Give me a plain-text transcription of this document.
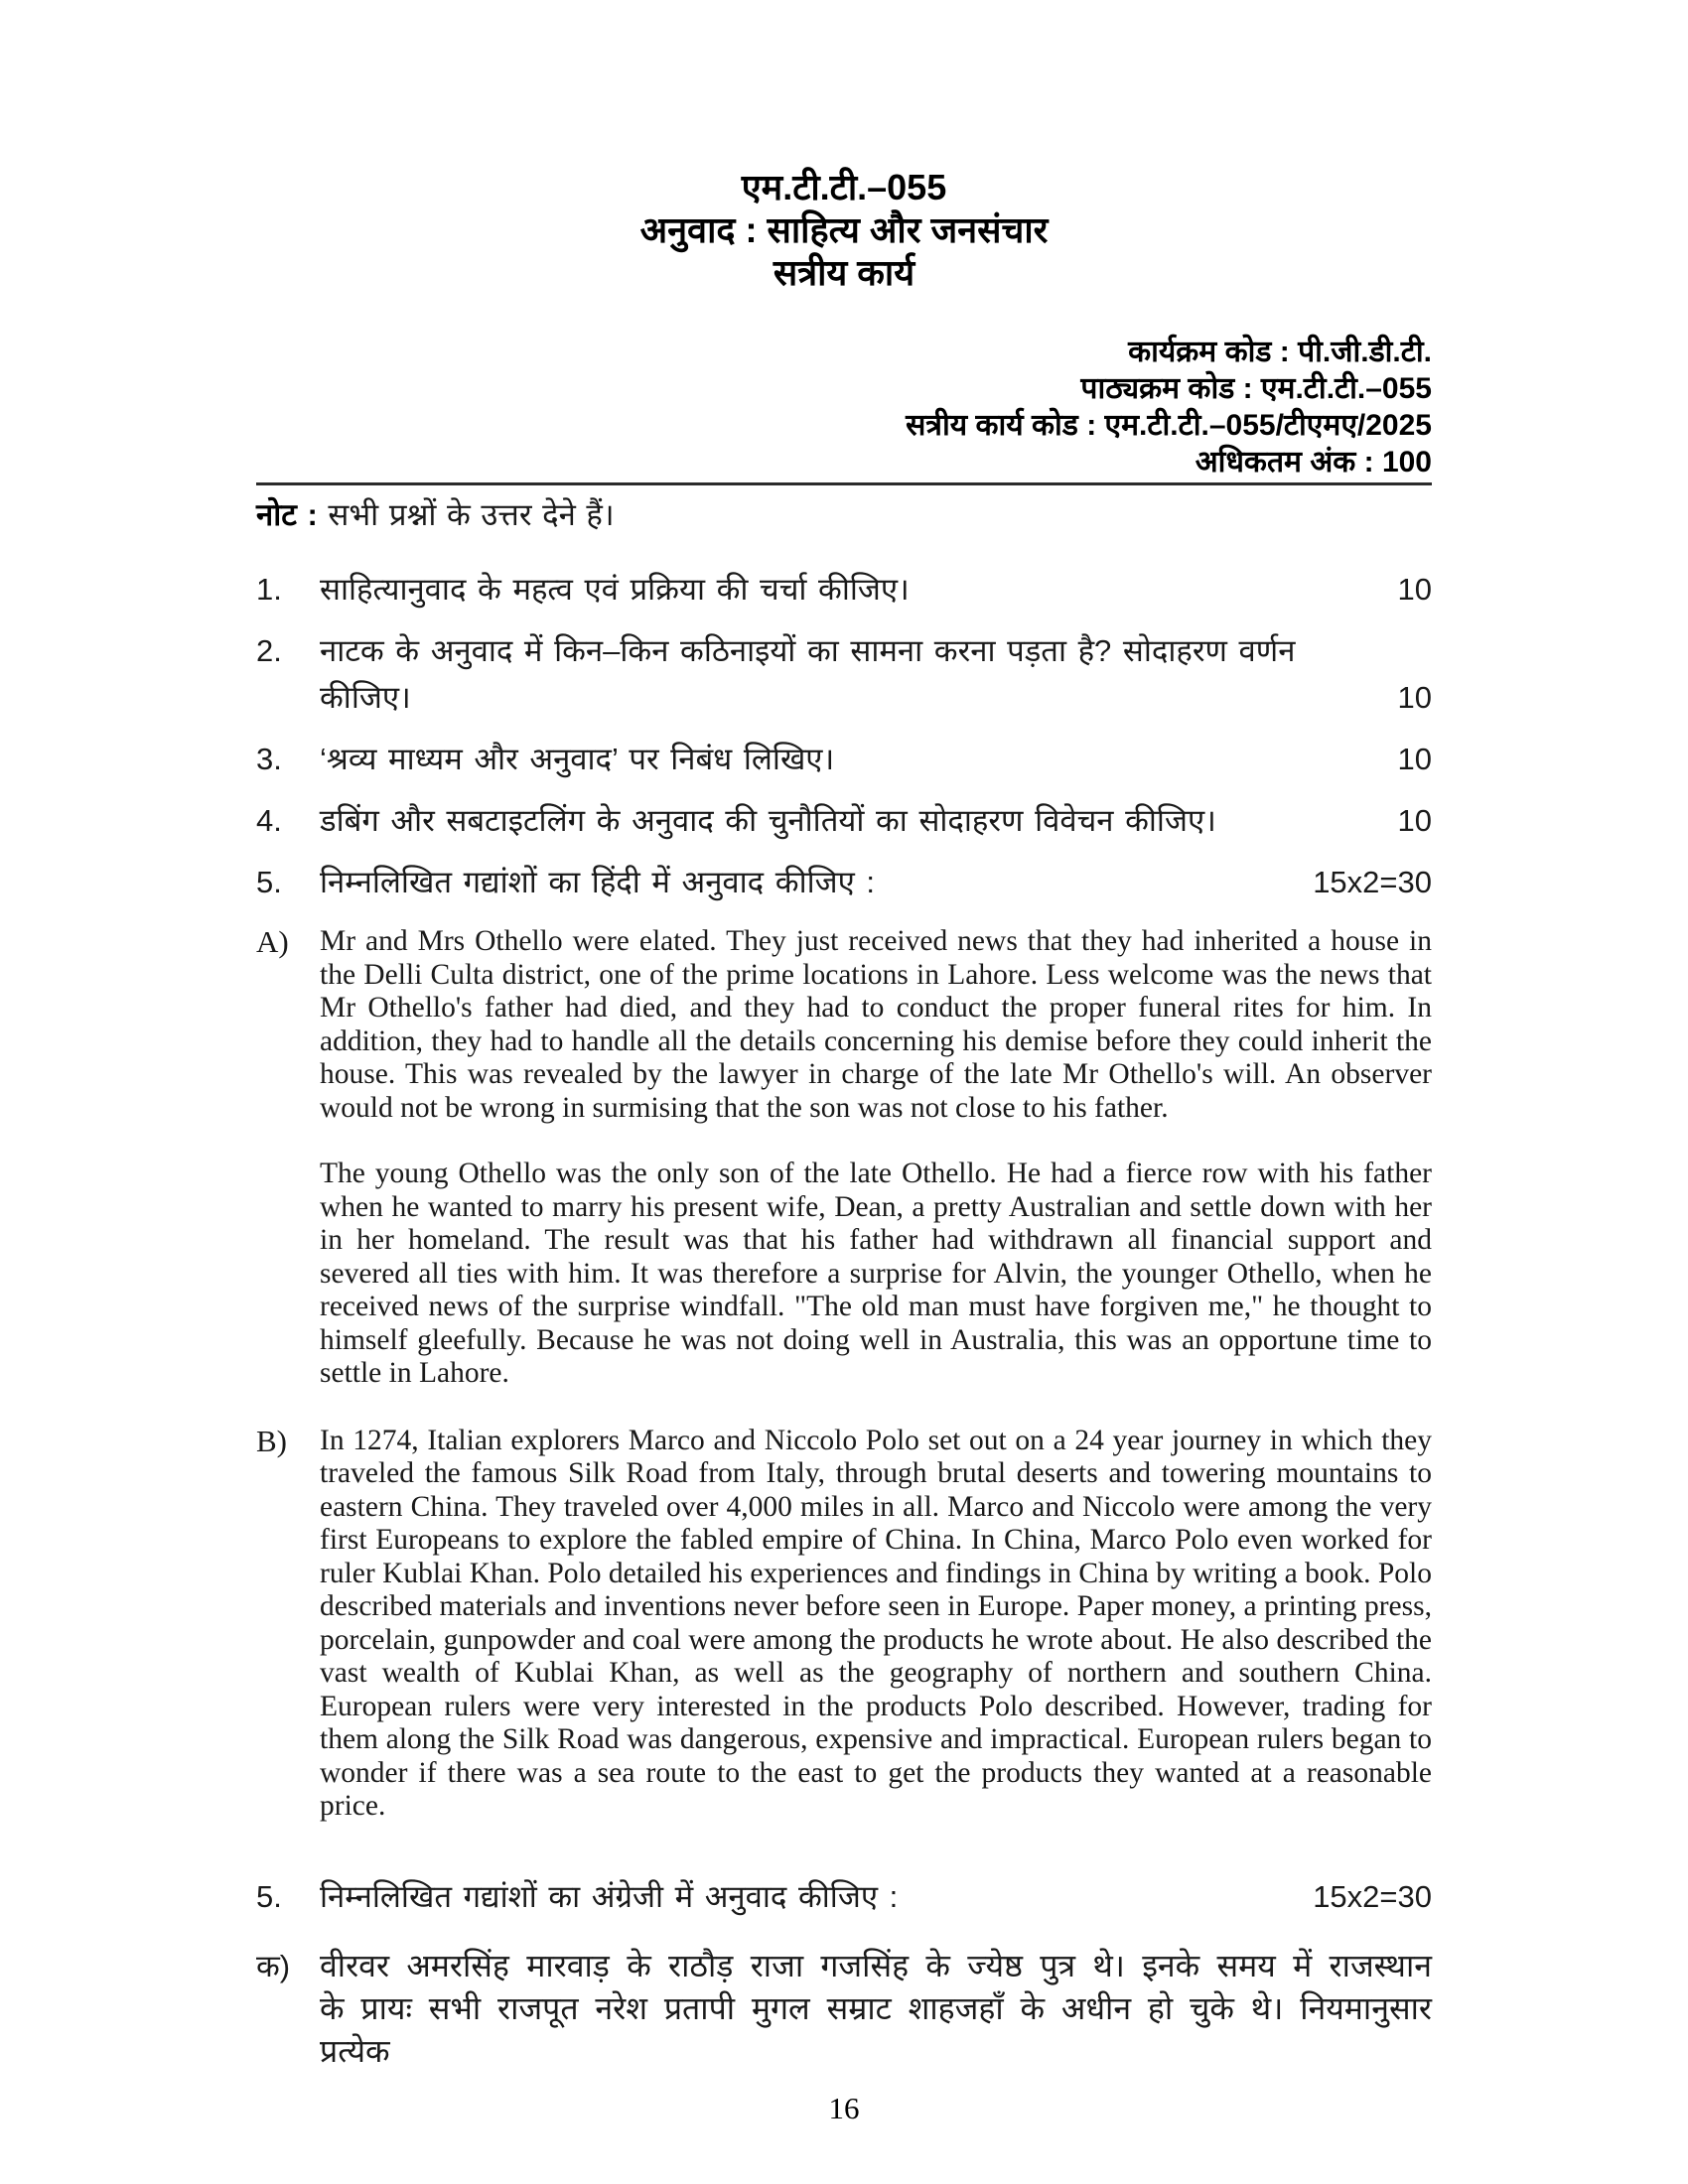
एम.टी.टी.–055
अनुवाद : साहित्य और जनसंचार
सत्रीय कार्य
कार्यक्रम कोड : पी.जी.डी.टी.
पाठ्यक्रम कोड : एम.टी.टी.–055
सत्रीय कार्य कोड : एम.टी.टी.–055/टीएमए/2025
अधिकतम अंक : 100
नोट : सभी प्रश्नों के उत्तर देने हैं।
1.	साहित्यानुवाद के महत्व एवं प्रक्रिया की चर्चा कीजिए।	10
2.	नाटक के अनुवाद में किन–किन कठिनाइयों का सामना करना पड़ता है? सोदाहरण वर्णन कीजिए।	10
3.	‘श्रव्य माध्यम और अनुवाद’ पर निबंध लिखिए।	10
4.	डबिंग और सबटाइटलिंग के अनुवाद की चुनौतियों का सोदाहरण विवेचन कीजिए।	10
5.	निम्नलिखित गद्यांशों का हिंदी में अनुवाद कीजिए :	15x2=30
A)	Mr and Mrs Othello were elated. They just received news that they had inherited a house in the Delli Culta district, one of the prime locations in Lahore. Less welcome was the news that Mr Othello's father had died, and they had to conduct the proper funeral rites for him. In addition, they had to handle all the details concerning his demise before they could inherit the house. This was revealed by the lawyer in charge of the late Mr Othello's will. An observer would not be wrong in surmising that the son was not close to his father.

The young Othello was the only son of the late Othello. He had a fierce row with his father when he wanted to marry his present wife, Dean, a pretty Australian and settle down with her in her homeland. The result was that his father had withdrawn all financial support and severed all ties with him. It was therefore a surprise for Alvin, the younger Othello, when he received news of the surprise windfall. "The old man must have forgiven me," he thought to himself gleefully. Because he was not doing well in Australia, this was an opportune time to settle in Lahore.

B)	In 1274, Italian explorers Marco and Niccolo Polo set out on a 24 year journey in which they traveled the famous Silk Road from Italy, through brutal deserts and towering mountains to eastern China. They traveled over 4,000 miles in all. Marco and Niccolo were among the very first Europeans to explore the fabled empire of China. In China, Marco Polo even worked for ruler Kublai Khan. Polo detailed his experiences and findings in China by writing a book. Polo described materials and inventions never before seen in Europe. Paper money, a printing press, porcelain, gunpowder and coal were among the products he wrote about. He also described the vast wealth of Kublai Khan, as well as the geography of northern and southern China. European rulers were very interested in the products Polo described. However, trading for them along the Silk Road was dangerous, expensive and impractical. European rulers began to wonder if there was a sea route to the east to get the products they wanted at a reasonable price.

5.	निम्नलिखित गद्यांशों का अंग्रेजी में अनुवाद कीजिए :	15x2=30
क) वीरवर अमरसिंह मारवाड़ के राठौड़ राजा गजसिंह के ज्येष्ठ पुत्र थे। इनके समय में राजस्थान के प्रायः सभी राजपूत नरेश प्रतापी मुगल सम्राट शाहजहाँ के अधीन हो चुके थे। नियमानुसार प्रत्येक

16
